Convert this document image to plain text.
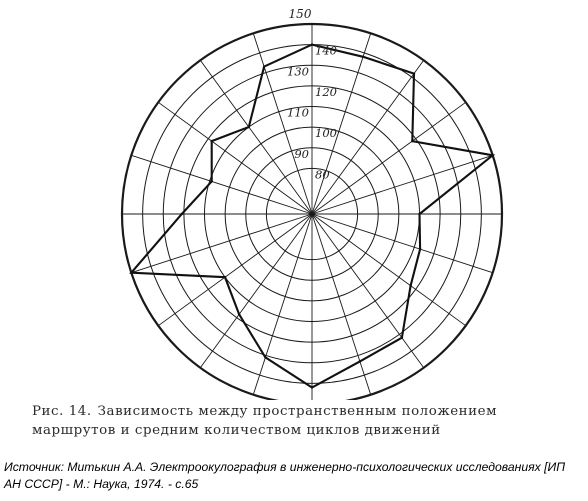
150
140
130
120
110
100
90
80
Рис. 14. Зависимость между пространственным положением маршрутов и средним количеством циклов движений
Источник: Митькин А.А. Электроокулография в инженерно-психологических исследованиях [ИП АН СССР] - М.: Наука, 1974. - с.65
